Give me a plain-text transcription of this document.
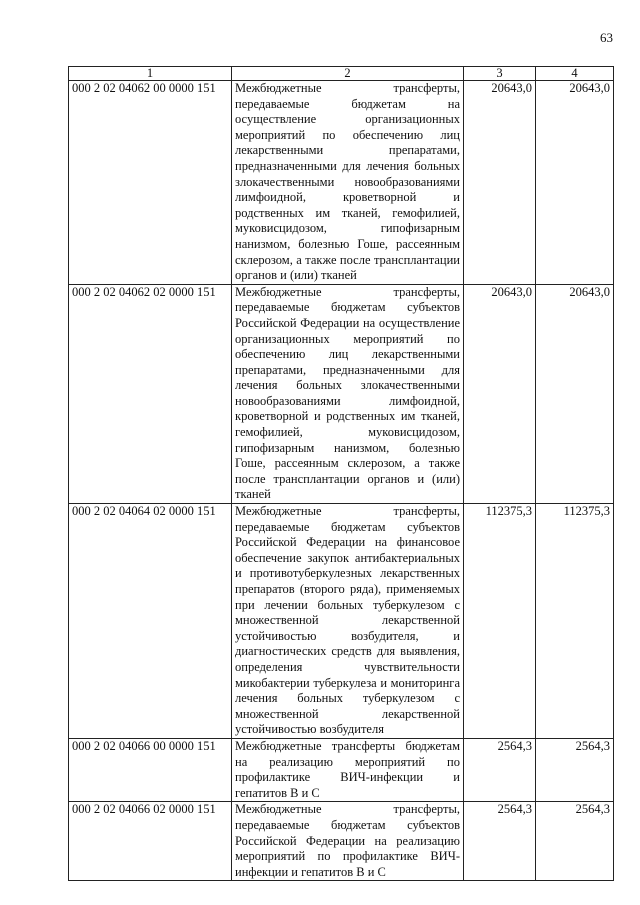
63
1	2	3	4
000 2 02 04062 00 0000 151	Межбюджетные трансферты, передаваемые бюджетам на осуществление организационных мероприятий по обеспечению лиц лекарственными препаратами, предназначенными для лечения больных злокачественными новообразованиями лимфоидной, кроветворной и родственных им тканей, гемофилией, муковисцидозом, гипофизарным нанизмом, болезнью Гоше, рассеянным склерозом, а также после трансплантации органов и (или) тканей	20643,0	20643,0
000 2 02 04062 02 0000 151	Межбюджетные трансферты, передаваемые бюджетам субъектов Российской Федерации на осуществление организационных мероприятий по обеспечению лиц лекарственными препаратами, предназначенными для лечения больных злокачественными новообразованиями лимфоидной, кроветворной и родственных им тканей, гемофилией, муковисцидозом, гипофизарным нанизмом, болезнью Гоше, рассеянным склерозом, а также после трансплантации органов и (или) тканей	20643,0	20643,0
000 2 02 04064 02 0000 151	Межбюджетные трансферты, передаваемые бюджетам субъектов Российской Федерации на финансовое обеспечение закупок антибактериальных и противотуберкулезных лекарственных препаратов (второго ряда), применяемых при лечении больных туберкулезом с множественной лекарственной устойчивостью возбудителя, и диагностических средств для выявления, определения чувствительности микобактерии туберкулеза и мониторинга лечения больных туберкулезом с множественной лекарственной устойчивостью возбудителя	112375,3	112375,3
000 2 02 04066 00 0000 151	Межбюджетные трансферты бюджетам на реализацию мероприятий по профилактике ВИЧ-инфекции и гепатитов В и С	2564,3	2564,3
000 2 02 04066 02 0000 151	Межбюджетные трансферты, передаваемые бюджетам субъектов Российской Федерации на реализацию мероприятий по профилактике ВИЧ-инфекции и гепатитов В и С	2564,3	2564,3
